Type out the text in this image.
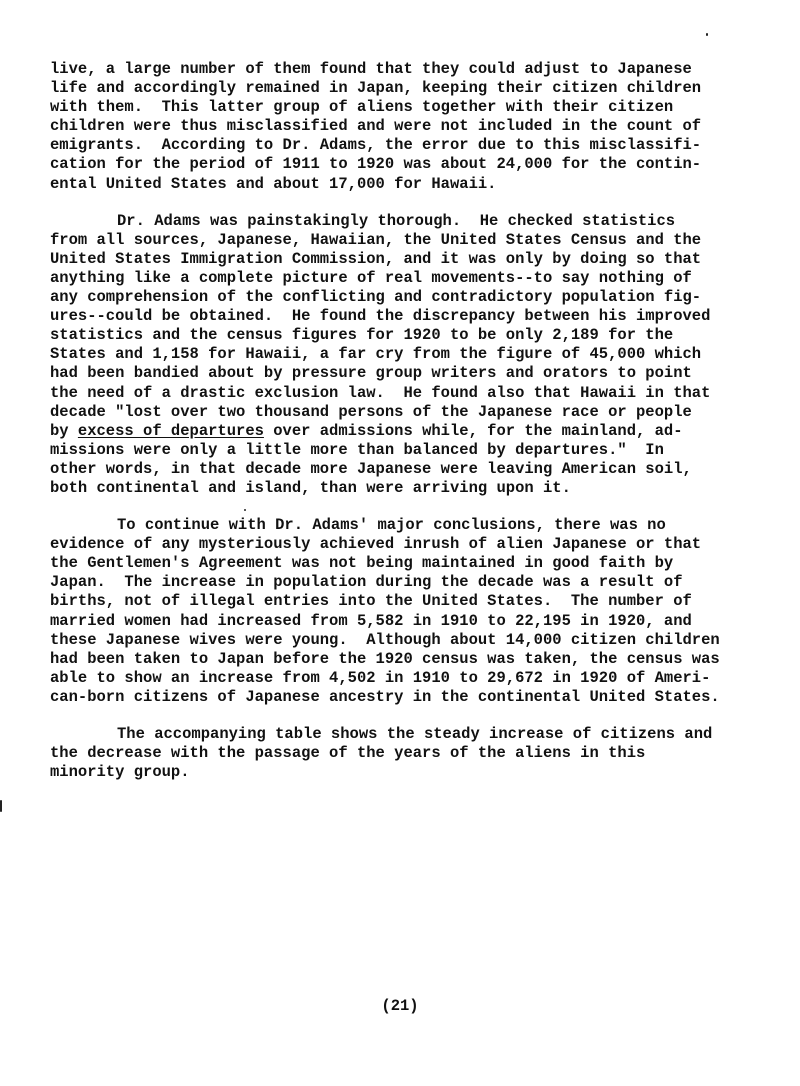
live, a large number of them found that they could adjust to Japanese
life and accordingly remained in Japan, keeping their citizen children
with them.  This latter group of aliens together with their citizen
children were thus misclassified and were not included in the count of
emigrants.  According to Dr. Adams, the error due to this misclassifi-
cation for the period of 1911 to 1920 was about 24,000 for the contin-
ental United States and about 17,000 for Hawaii.
Dr. Adams was painstakingly thorough.  He checked statistics
from all sources, Japanese, Hawaiian, the United States Census and the
United States Immigration Commission, and it was only by doing so that
anything like a complete picture of real movements--to say nothing of
any comprehension of the conflicting and contradictory population fig-
ures--could be obtained.  He found the discrepancy between his improved
statistics and the census figures for 1920 to be only 2,189 for the
States and 1,158 for Hawaii, a far cry from the figure of 45,000 which
had been bandied about by pressure group writers and orators to point
the need of a drastic exclusion law.  He found also that Hawaii in that
decade "lost over two thousand persons of the Japanese race or people
by excess of departures over admissions while, for the mainland, ad-
missions were only a little more than balanced by departures."  In
other words, in that decade more Japanese were leaving American soil,
both continental and island, than were arriving upon it.
To continue with Dr. Adams' major conclusions, there was no
evidence of any mysteriously achieved inrush of alien Japanese or that
the Gentlemen's Agreement was not being maintained in good faith by
Japan.  The increase in population during the decade was a result of
births, not of illegal entries into the United States.  The number of
married women had increased from 5,582 in 1910 to 22,195 in 1920, and
these Japanese wives were young.  Although about 14,000 citizen children
had been taken to Japan before the 1920 census was taken, the census was
able to show an increase from 4,502 in 1910 to 29,672 in 1920 of Ameri-
can-born citizens of Japanese ancestry in the continental United States.
The accompanying table shows the steady increase of citizens and
the decrease with the passage of the years of the aliens in this
minority group.
(21)
